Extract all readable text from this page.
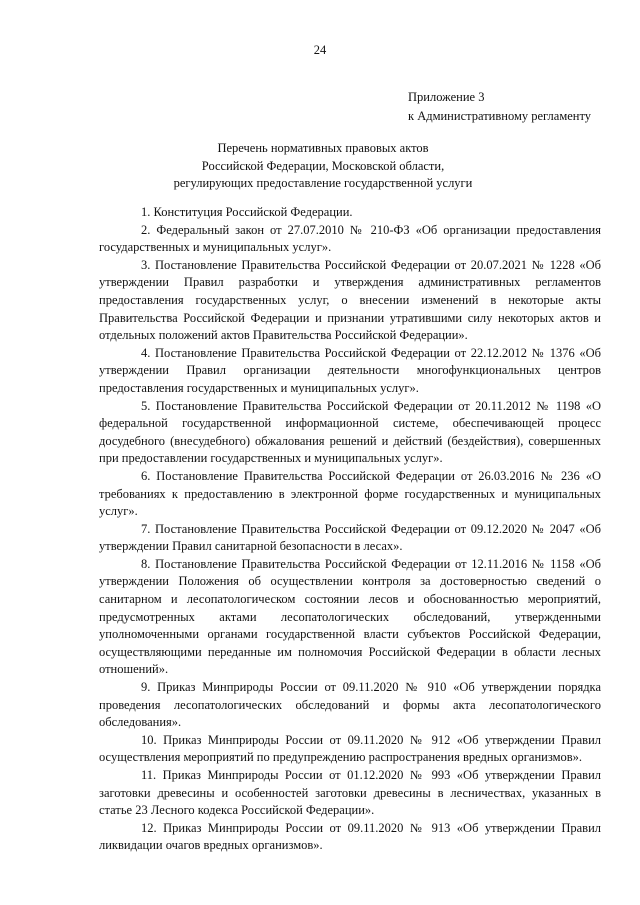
24
Приложение 3
к Административному регламенту
Перечень нормативных правовых актов
Российской Федерации, Московской области,
регулирующих предоставление государственной услуги

1. Конституция Российской Федерации.

2. Федеральный закон от 27.07.2010 № 210-ФЗ «Об организации предоставления государственных и муниципальных услуг».

3. Постановление Правительства Российской Федерации от 20.07.2021 № 1228 «Об утверждении Правил разработки и утверждения административных регламентов предоставления государственных услуг, о внесении изменений в некоторые акты Правительства Российской Федерации и признании утратившими силу некоторых актов и отдельных положений актов Правительства Российской Федерации».

4. Постановление Правительства Российской Федерации от 22.12.2012 № 1376 «Об утверждении Правил организации деятельности многофункциональных центров предоставления государственных и муниципальных услуг».

5. Постановление Правительства Российской Федерации от 20.11.2012 № 1198 «О федеральной государственной информационной системе, обеспечивающей процесс досудебного (внесудебного) обжалования решений и действий (бездействия), совершенных при предоставлении государственных и муниципальных услуг».

6. Постановление Правительства Российской Федерации от 26.03.2016 № 236 «О требованиях к предоставлению в электронной форме государственных и муниципальных услуг».

7. Постановление Правительства Российской Федерации от 09.12.2020 № 2047 «Об утверждении Правил санитарной безопасности в лесах».

8. Постановление Правительства Российской Федерации от 12.11.2016 № 1158 «Об утверждении Положения об осуществлении контроля за достоверностью сведений о санитарном и лесопатологическом состоянии лесов и обоснованностью мероприятий, предусмотренных актами лесопатологических обследований, утвержденными уполномоченными органами государственной власти субъектов Российской Федерации, осуществляющими переданные им полномочия Российской Федерации в области лесных отношений».

9. Приказ Минприроды России от 09.11.2020 № 910 «Об утверждении порядка проведения лесопатологических обследований и формы акта лесопатологического обследования».

10. Приказ Минприроды России от 09.11.2020 № 912 «Об утверждении Правил осуществления мероприятий по предупреждению распространения вредных организмов».

11. Приказ Минприроды России от 01.12.2020 № 993 «Об утверждении Правил заготовки древесины и особенностей заготовки древесины в лесничествах, указанных в статье 23 Лесного кодекса Российской Федерации».

12. Приказ Минприроды России от 09.11.2020 № 913 «Об утверждении Правил ликвидации очагов вредных организмов».
